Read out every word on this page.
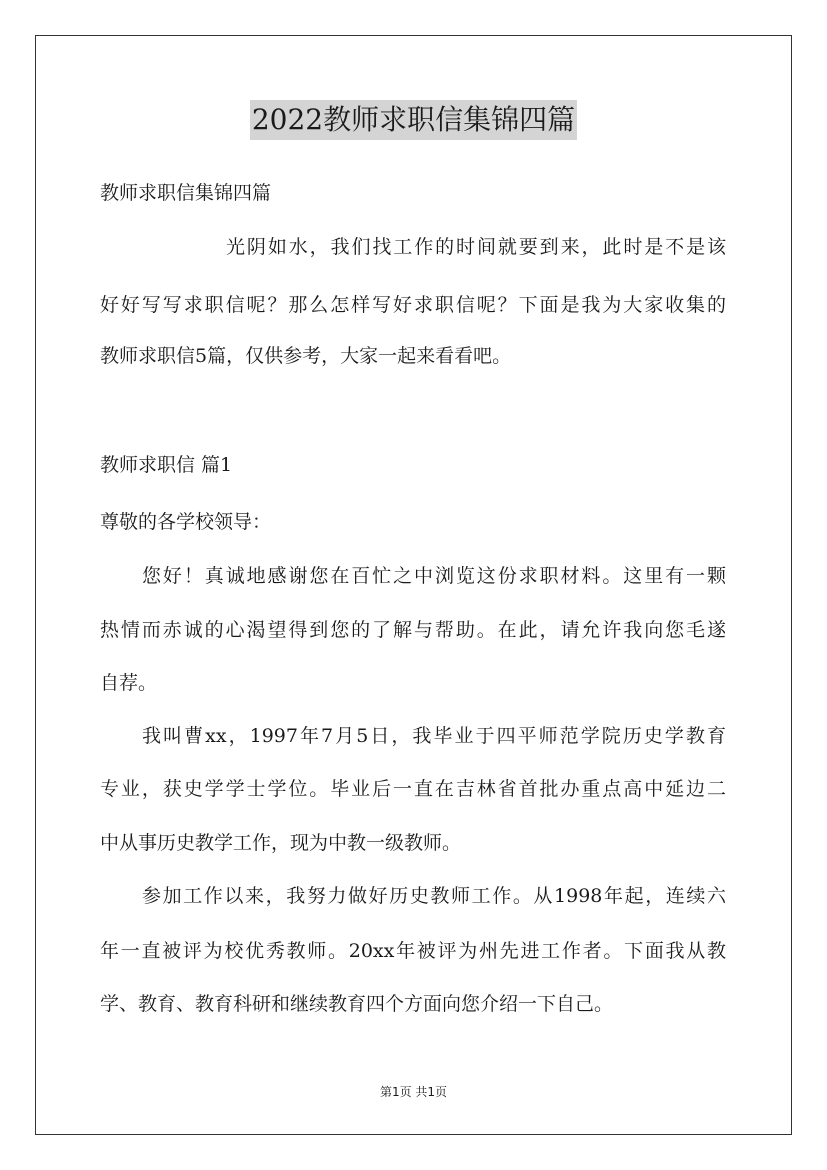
2022教师求职信集锦四篇
教师求职信集锦四篇
光阴如水，我们找工作的时间就要到来，此时是不是该
好好写写求职信呢？那么怎样写好求职信呢？下面是我为大家收集的
教师求职信5篇，仅供参考，大家一起来看看吧。
教师求职信 篇1
尊敬的各学校领导：
您好！真诚地感谢您在百忙之中浏览这份求职材料。这里有一颗
热情而赤诚的心渴望得到您的了解与帮助。在此，请允许我向您毛遂
自荐。
我叫曹xx，1997年7月5日，我毕业于四平师范学院历史学教育
专业，获史学学士学位。毕业后一直在吉林省首批办重点高中延边二
中从事历史教学工作，现为中教一级教师。
参加工作以来，我努力做好历史教师工作。从1998年起，连续六
年一直被评为校优秀教师。20xx年被评为州先进工作者。下面我从教
学、教育、教育科研和继续教育四个方面向您介绍一下自己。
第1页 共1页
